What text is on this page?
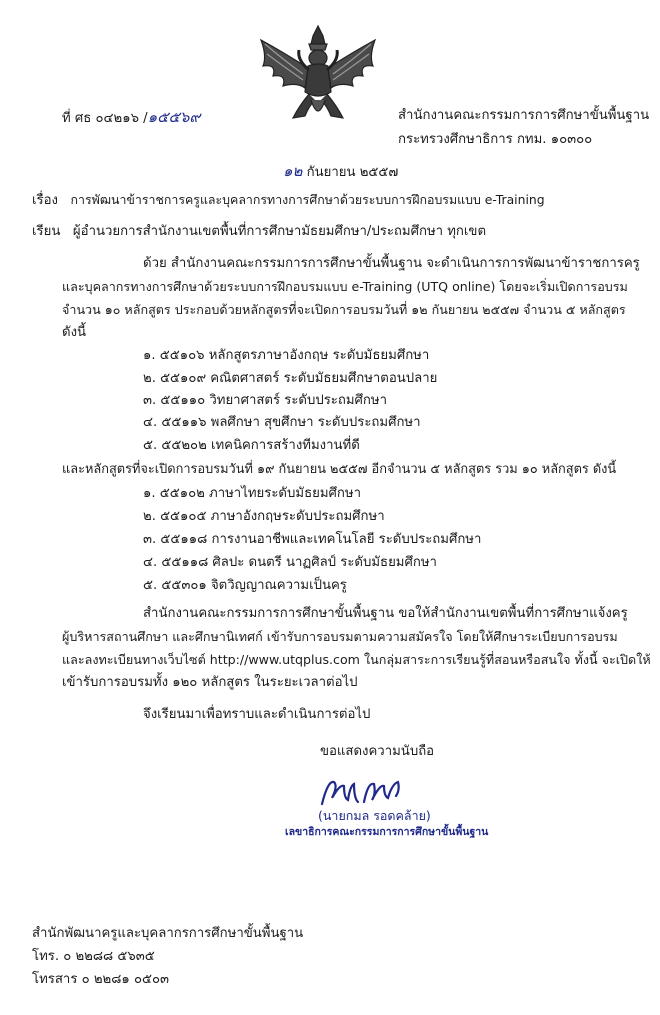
ที่ ศธ ๐๔๒๑๖ /๑๕๕๖๙	สำนักงานคณะกรรมการการศึกษาขั้นพื้นฐาน
กระทรวงศึกษาธิการ กทม. ๑๐๓๐๐
๑๒ กันยายน ๒๕๕๗
เรื่อง การพัฒนาข้าราชการครูและบุคลากรทางการศึกษาด้วยระบบการฝึกอบรมแบบ e-Training
เรียน ผู้อำนวยการสำนักงานเขตพื้นที่การศึกษามัธยมศึกษา/ประถมศึกษา ทุกเขต
ด้วย สำนักงานคณะกรรมการการศึกษาขั้นพื้นฐาน จะดำเนินการการพัฒนาข้าราชการครู
และบุคลากรทางการศึกษาด้วยระบบการฝึกอบรมแบบ e-Training (UTQ online) โดยจะเริ่มเปิดการอบรม
จำนวน ๑๐ หลักสูตร ประกอบด้วยหลักสูตรที่จะเปิดการอบรมวันที่ ๑๒ กันยายน ๒๕๕๗ จำนวน ๕ หลักสูตร
ดังนี้
๑. ๕๕๑๐๖ หลักสูตรภาษาอังกฤษ ระดับมัธยมศึกษา
๒. ๕๕๑๐๙ คณิตศาสตร์ ระดับมัธยมศึกษาตอนปลาย
๓. ๕๕๑๑๐ วิทยาศาสตร์ ระดับประถมศึกษา
๔. ๕๕๑๑๖ พลศึกษา สุขศึกษา ระดับประถมศึกษา
๕. ๕๕๒๐๒ เทคนิคการสร้างทีมงานที่ดี
และหลักสูตรที่จะเปิดการอบรมวันที่ ๑๙ กันยายน ๒๕๕๗ อีกจำนวน ๕ หลักสูตร รวม ๑๐ หลักสูตร ดังนี้
๑. ๕๕๑๐๒ ภาษาไทยระดับมัธยมศึกษา
๒. ๕๕๑๐๕ ภาษาอังกฤษระดับประถมศึกษา
๓. ๕๕๑๑๘ การงานอาชีพและเทคโนโลยี ระดับประถมศึกษา
๔. ๕๕๑๑๘ ศิลปะ ดนตรี นาฏศิลป์ ระดับมัธยมศึกษา
๕. ๕๕๓๐๑ จิตวิญญาณความเป็นครู
สำนักงานคณะกรรมการการศึกษาขั้นพื้นฐาน ขอให้สำนักงานเขตพื้นที่การศึกษาแจ้งครู
ผู้บริหารสถานศึกษา และศึกษานิเทศก์ เข้ารับการอบรมตามความสมัครใจ โดยให้ศึกษาระเบียบการอบรม
และลงทะเบียนทางเว็บไซต์ http://www.utqplus.com ในกลุ่มสาระการเรียนรู้ที่สอนหรือสนใจ ทั้งนี้ จะเปิดให้
เข้ารับการอบรมทั้ง ๑๒๐ หลักสูตร ในระยะเวลาต่อไป
จึงเรียนมาเพื่อทราบและดำเนินการต่อไป
ขอแสดงความนับถือ
(นายกมล รอดคล้าย)
เลขาธิการคณะกรรมการการศึกษาขั้นพื้นฐาน
สำนักพัฒนาครูและบุคลากรการศึกษาขั้นพื้นฐาน
โทร. ๐ ๒๒๘๘ ๕๖๓๕
โทรสาร ๐ ๒๒๘๑ ๐๕๐๓
